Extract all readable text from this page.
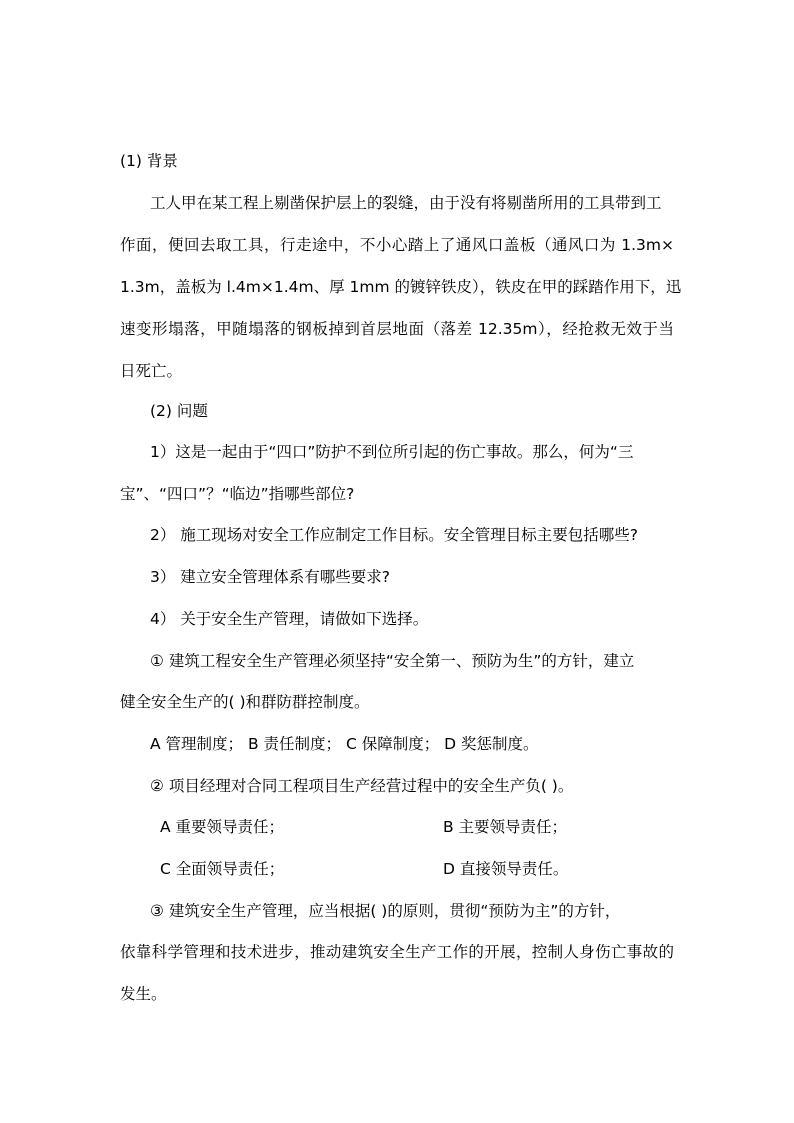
(1) 背景
工人甲在某工程上剔凿保护层上的裂缝，由于没有将剔凿所用的工具带到工
作面，便回去取工具，行走途中，不小心踏上了通风口盖板（通风口为 1.3m×
1.3m，盖板为 l.4m×1.4m、厚 1mm 的镀锌铁皮），铁皮在甲的踩踏作用下，迅
速变形塌落，甲随塌落的钢板掉到首层地面（落差 12.35m），经抢救无效于当
日死亡。
(2) 问题
1）这是一起由于“四口”防护不到位所引起的伤亡事故。那么，何为“三
宝”、“四口”？“临边”指哪些部位?
2） 施工现场对安全工作应制定工作目标。安全管理目标主要包括哪些?
3） 建立安全管理体系有哪些要求?
4） 关于安全生产管理，请做如下选择。
① 建筑工程安全生产管理必须坚持“安全第一、预防为生”的方针，建立
健全安全生产的( )和群防群控制度。
A 管理制度； B 责任制度； C 保障制度； D 奖惩制度。
② 项目经理对合同工程项目生产经营过程中的安全生产负( )。
A 重要领导责任；	B 主要领导责任；
C 全面领导责任；	D 直接领导责任。
③ 建筑安全生产管理，应当根据( )的原则，贯彻“预防为主”的方针，
依靠科学管理和技术进步，推动建筑安全生产工作的开展，控制人身伤亡事故的
发生。
